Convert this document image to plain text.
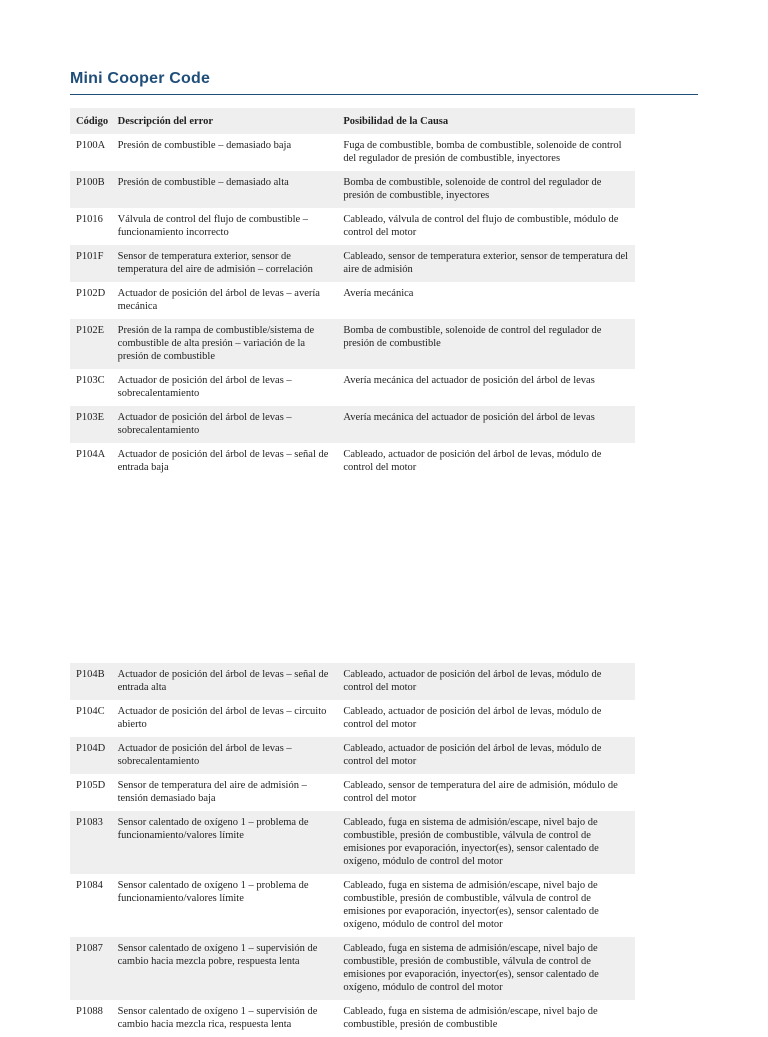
Mini Cooper Code
Código	Descripción del error	Posibilidad de la Causa
P100A	Presión de combustible – demasiado baja	Fuga de combustible, bomba de combustible, solenoide de control del regulador de presión de combustible, inyectores
P100B	Presión de combustible – demasiado alta	Bomba de combustible, solenoide de control del regulador de presión de combustible, inyectores
P1016	Válvula de control del flujo de combustible – funcionamiento incorrecto	Cableado, válvula de control del flujo de combustible, módulo de control del motor
P101F	Sensor de temperatura exterior, sensor de temperatura del aire de admisión – correlación	Cableado, sensor de temperatura exterior, sensor de temperatura del aire de admisión
P102D	Actuador de posición del árbol de levas – avería mecánica	Avería mecánica
P102E	Presión de la rampa de combustible/sistema de combustible de alta presión – variación de la presión de combustible	Bomba de combustible, solenoide de control del regulador de presión de combustible
P103C	Actuador de posición del árbol de levas – sobrecalentamiento	Avería mecánica del actuador de posición del árbol de levas
P103E	Actuador de posición del árbol de levas – sobrecalentamiento	Avería mecánica del actuador de posición del árbol de levas
P104A	Actuador de posición del árbol de levas – señal de entrada baja	Cableado, actuador de posición del árbol de levas, módulo de control del motor
P104B	Actuador de posición del árbol de levas – señal de entrada alta	Cableado, actuador de posición del árbol de levas, módulo de control del motor
P104C	Actuador de posición del árbol de levas – circuito abierto	Cableado, actuador de posición del árbol de levas, módulo de control del motor
P104D	Actuador de posición del árbol de levas – sobrecalentamiento	Cableado, actuador de posición del árbol de levas, módulo de control del motor
P105D	Sensor de temperatura del aire de admisión – tensión demasiado baja	Cableado, sensor de temperatura del aire de admisión, módulo de control del motor
P1083	Sensor calentado de oxígeno 1 – problema de funcionamiento/valores límite	Cableado, fuga en sistema de admisión/escape, nivel bajo de combustible, presión de combustible, válvula de control de emisiones por evaporación, inyector(es), sensor calentado de oxígeno, módulo de control del motor
P1084	Sensor calentado de oxígeno 1 – problema de funcionamiento/valores límite	Cableado, fuga en sistema de admisión/escape, nivel bajo de combustible, presión de combustible, válvula de control de emisiones por evaporación, inyector(es), sensor calentado de oxígeno, módulo de control del motor
P1087	Sensor calentado de oxígeno 1 – supervisión de cambio hacia mezcla pobre, respuesta lenta	Cableado, fuga en sistema de admisión/escape, nivel bajo de combustible, presión de combustible, válvula de control de emisiones por evaporación, inyector(es), sensor calentado de oxígeno, módulo de control del motor
P1088	Sensor calentado de oxígeno 1 – supervisión de cambio hacia mezcla rica, respuesta lenta	Cableado, fuga en sistema de admisión/escape, nivel bajo de combustible, presión de combustible
